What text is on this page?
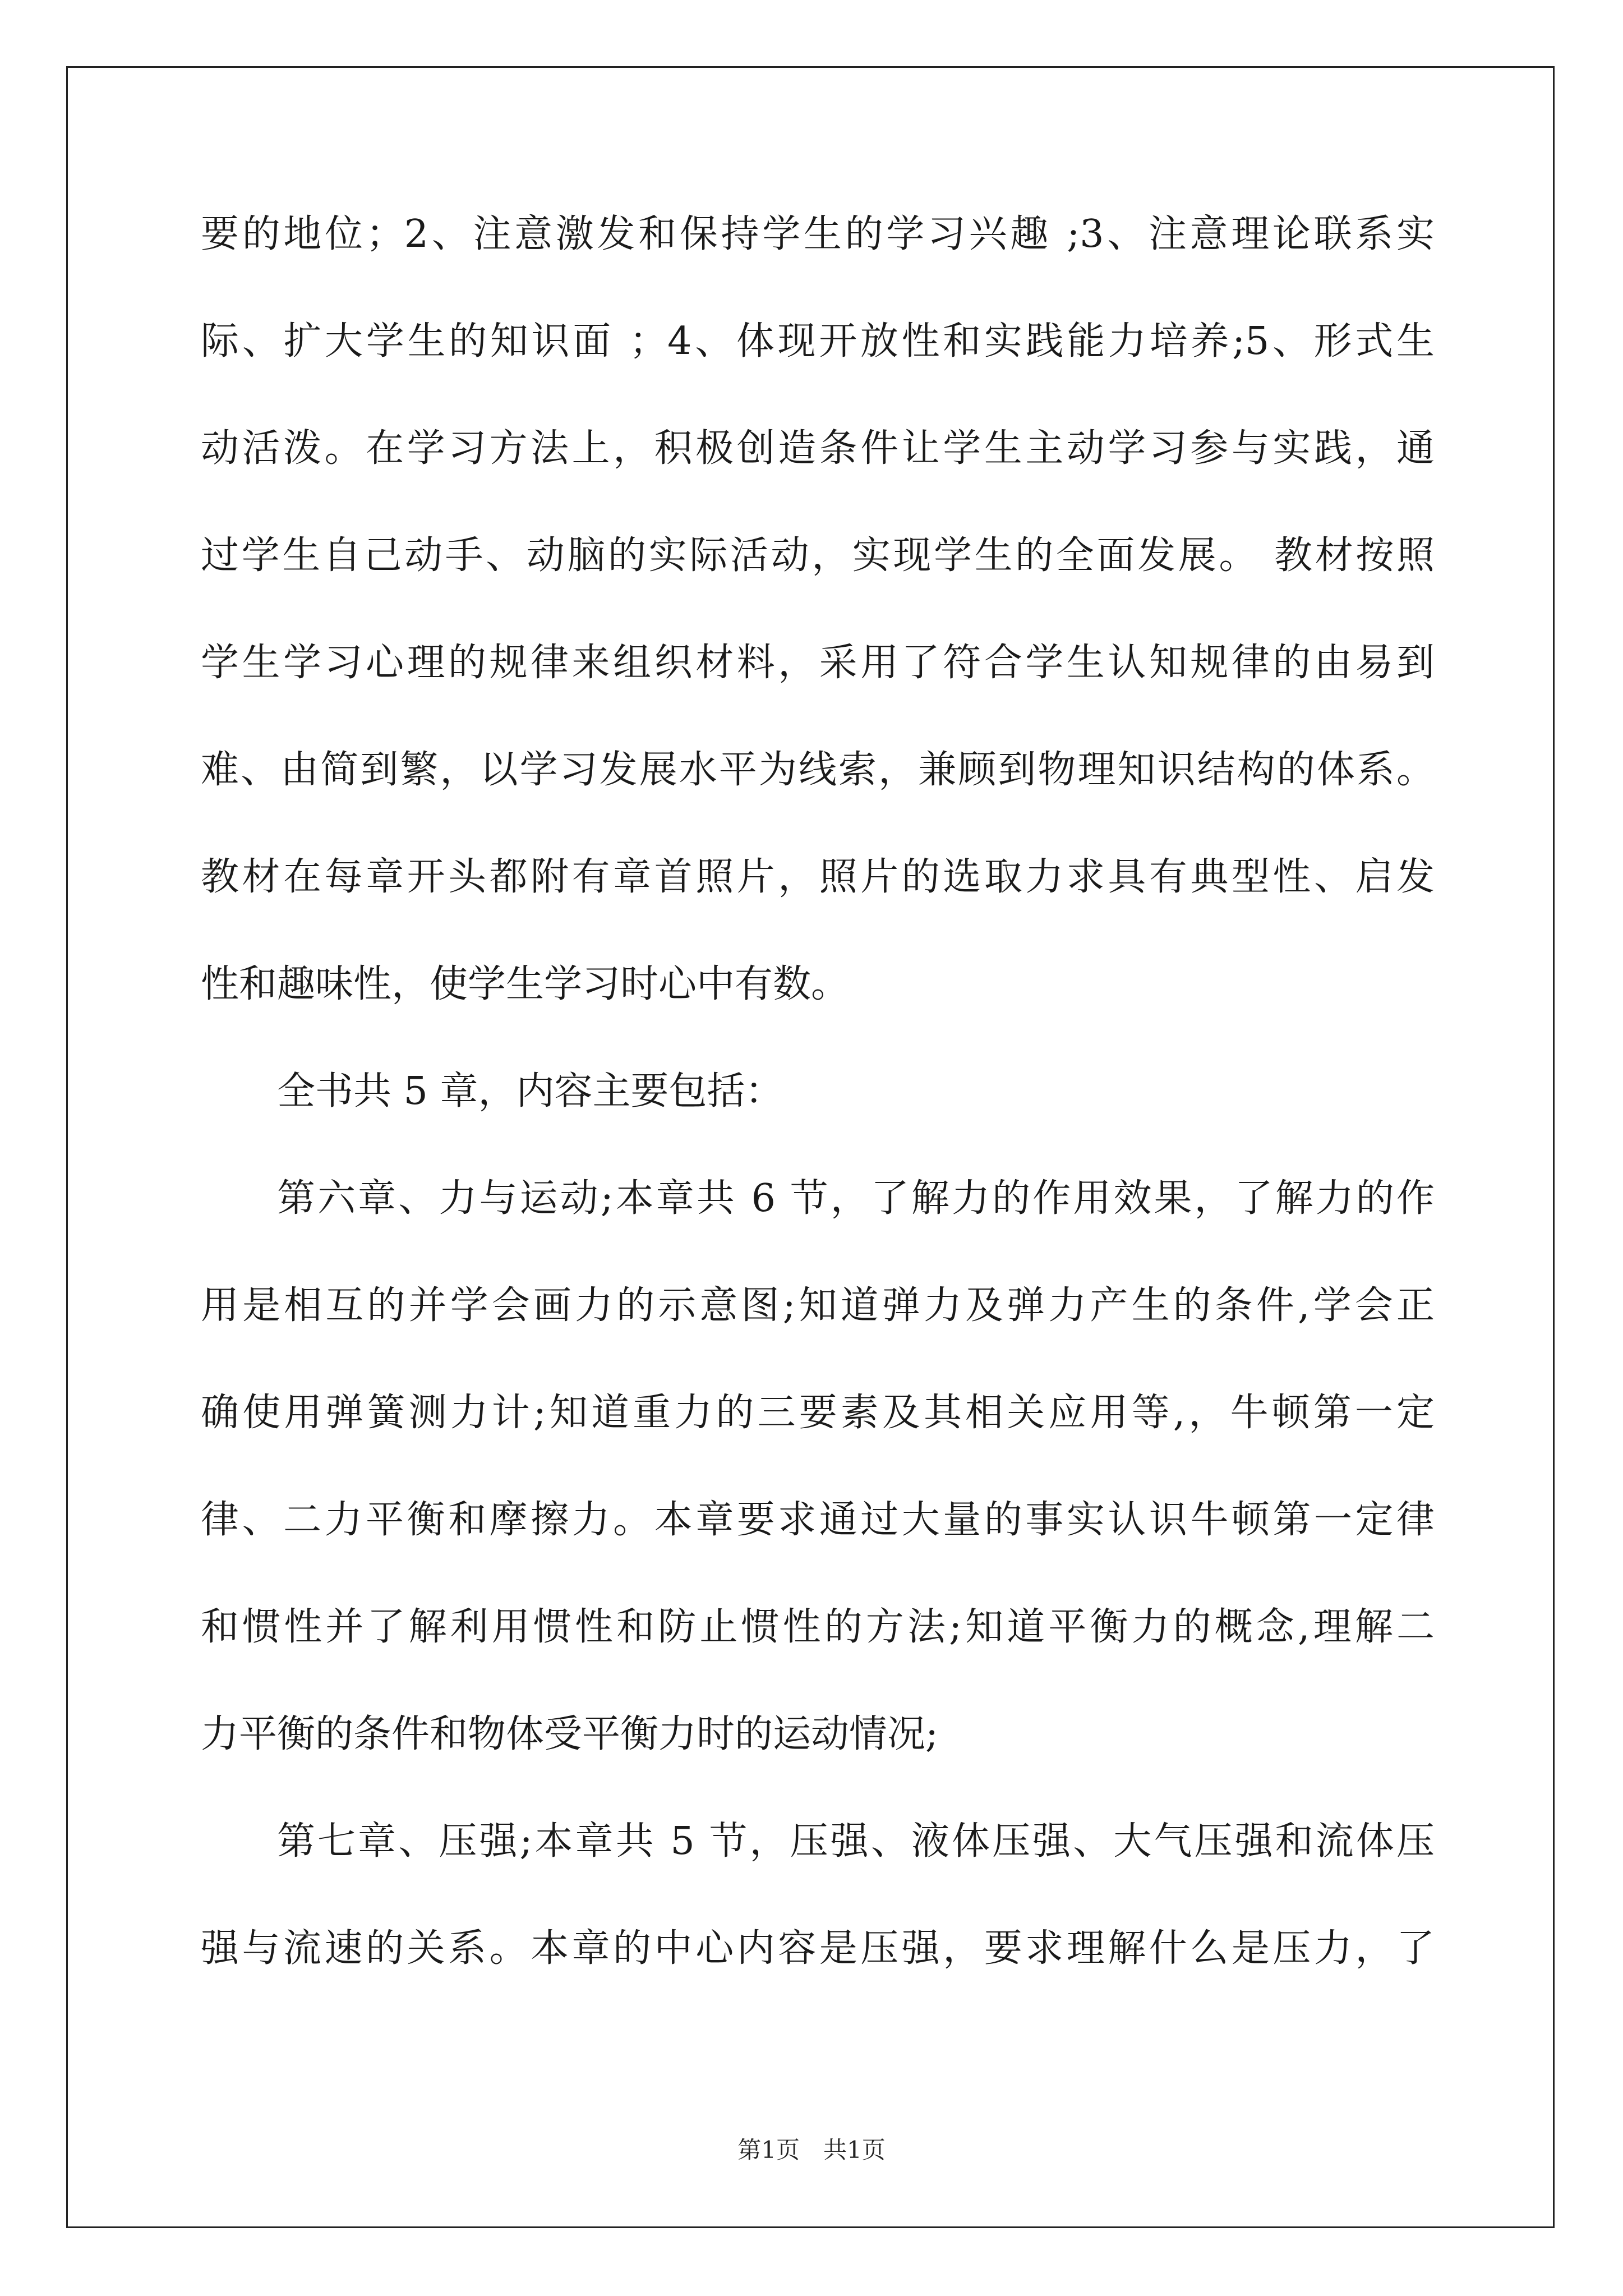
要的地位；2、注意激发和保持学生的学习兴趣 ;3、注意理论联系实
际、扩大学生的知识面 ；4、体现开放性和实践能力培养;5、形式生
动活泼。在学习方法上，积极创造条件让学生主动学习参与实践，通
过学生自己动手、动脑的实际活动，实现学生的全面发展。 教材按照
学生学习心理的规律来组织材料，采用了符合学生认知规律的由易到
难、由简到繁，以学习发展水平为线索，兼顾到物理知识结构的体系。
教材在每章开头都附有章首照片，照片的选取力求具有典型性、启发
性和趣味性，使学生学习时心中有数。
全书共 5 章，内容主要包括：
第六章、力与运动;本章共 6 节，了解力的作用效果，了解力的作
用是相互的并学会画力的示意图;知道弹力及弹力产生的条件,学会正
确使用弹簧测力计;知道重力的三要素及其相关应用等,，牛顿第一定
律、二力平衡和摩擦力。本章要求通过大量的事实认识牛顿第一定律
和惯性并了解利用惯性和防止惯性的方法;知道平衡力的概念,理解二
力平衡的条件和物体受平衡力时的运动情况;
第七章、压强;本章共 5 节，压强、液体压强、大气压强和流体压
强与流速的关系。本章的中心内容是压强，要求理解什么是压力，了
第1页　共1页
